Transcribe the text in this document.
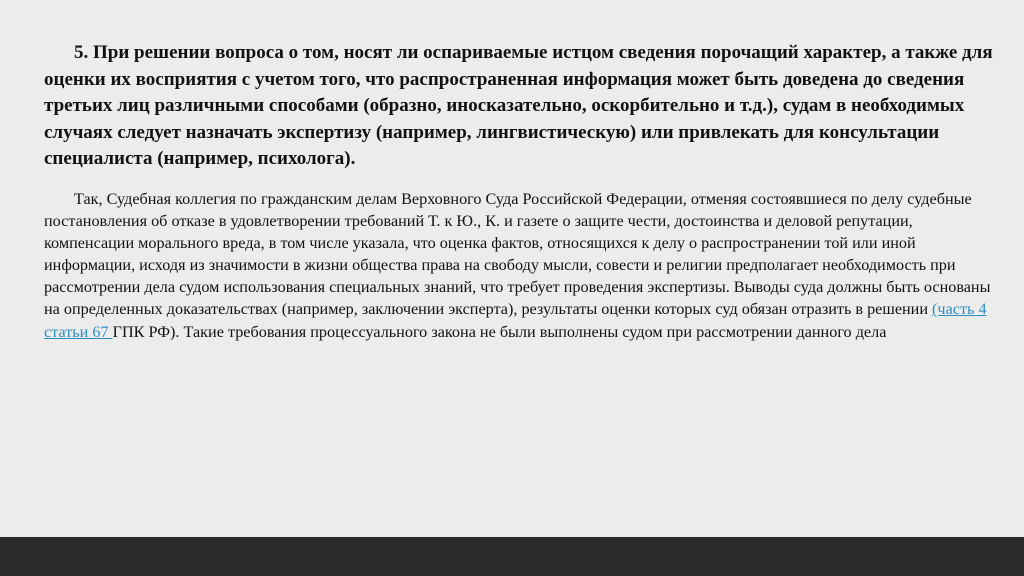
5. При решении вопроса о том, носят ли оспариваемые истцом сведения порочащий характер, а также для оценки их восприятия с учетом того, что распространенная информация может быть доведена до сведения третьих лиц различными способами (образно, иносказательно, оскорбительно и т.д.), судам в необходимых случаях следует назначать экспертизу (например, лингвистическую) или привлекать для консультации специалиста (например, психолога).

Так, Судебная коллегия по гражданским делам Верховного Суда Российской Федерации, отменяя состоявшиеся по делу судебные постановления об отказе в удовлетворении требований Т. к Ю., К. и газете о защите чести, достоинства и деловой репутации, компенсации морального вреда, в том числе указала, что оценка фактов, относящихся к делу о распространении той или иной информации, исходя из значимости в жизни общества права на свободу мысли, совести и религии предполагает необходимость при рассмотрении дела судом использования специальных знаний, что требует проведения экспертизы. Выводы суда должны быть основаны на определенных доказательствах (например, заключении эксперта), результаты оценки которых суд обязан отразить в решении (часть 4 статьи 67 ГПК РФ). Такие требования процессуального закона не были выполнены судом при рассмотрении данного дела
